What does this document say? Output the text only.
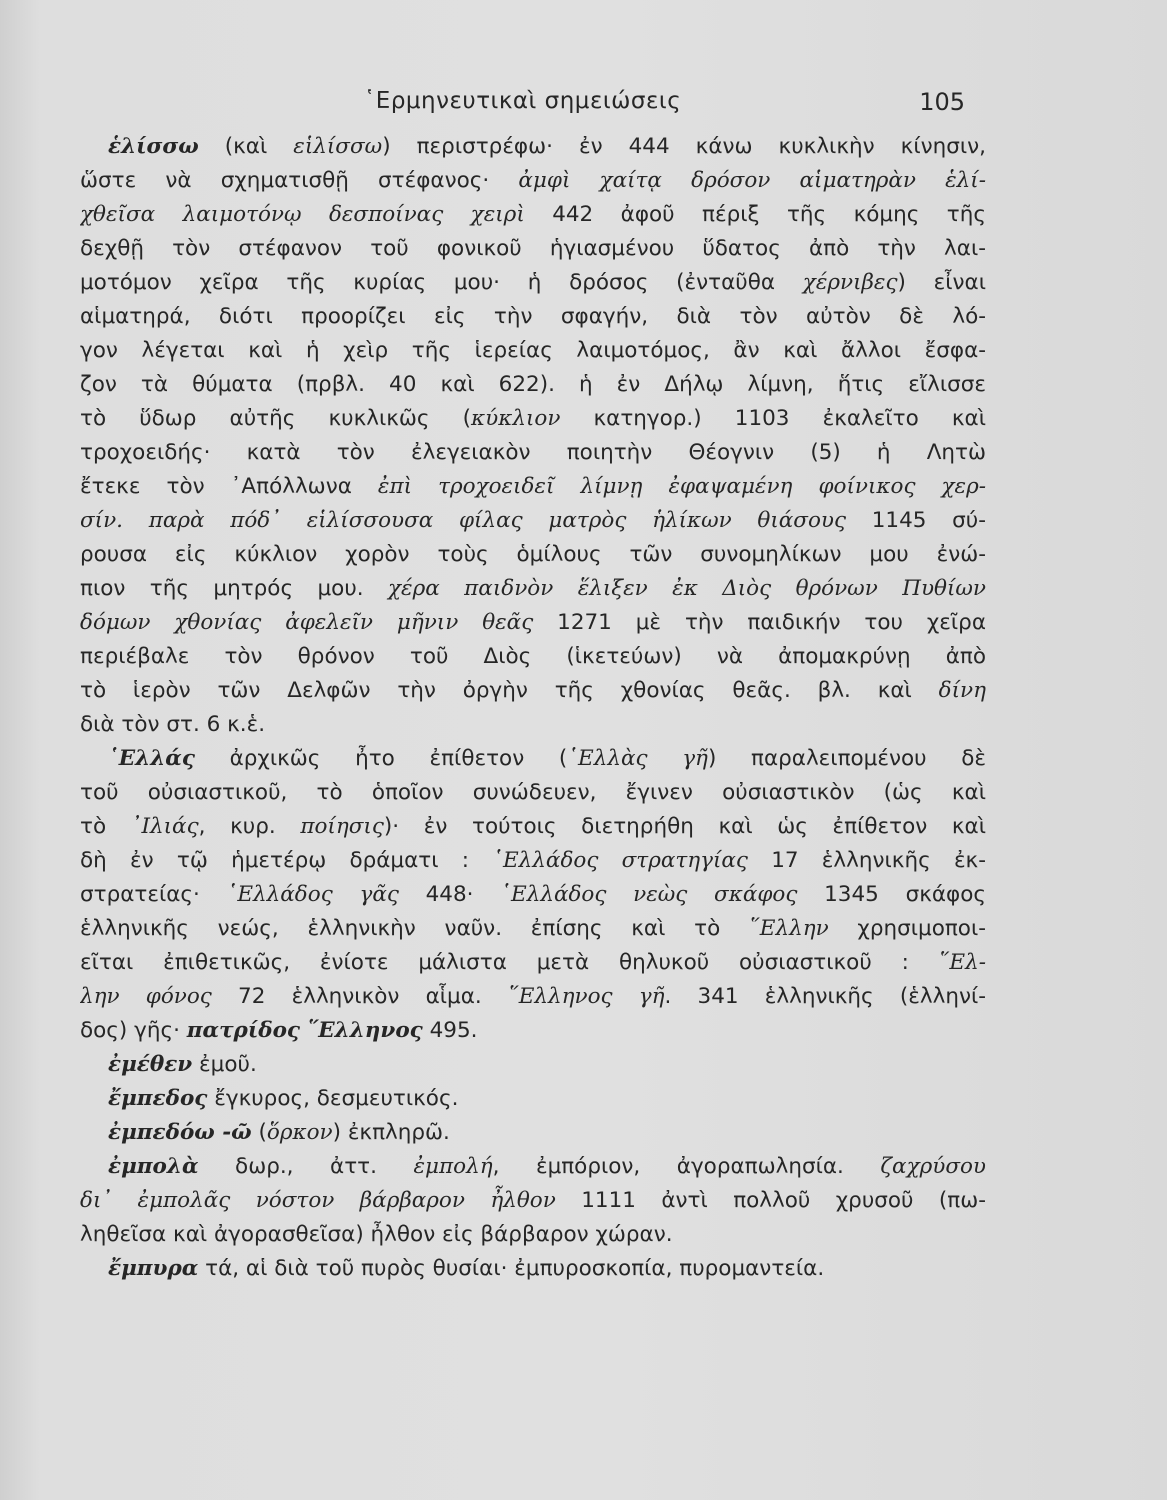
῾Ερμηνευτικαὶ σημειώσεις	105
ἑλίσσω (καὶ εἱλίσσω) περιστρέφω· ἐν 444 κάνω κυκλικὴν κίνησιν,
ὥστε νὰ σχηματισθῇ στέφανος· ἀμφὶ χαίτᾳ δρόσον αἱματηρὰν ἑλί-
χθεῖσα λαιμοτόνῳ δεσποίνας χειρὶ 442 ἀφοῦ πέριξ τῆς κόμης τῆς
δεχθῇ τὸν στέφανον τοῦ φονικοῦ ἡγιασμένου ὕδατος ἀπὸ τὴν λαι-
μοτόμον χεῖρα τῆς κυρίας μου· ἡ δρόσος (ἐνταῦθα χέρνιβες) εἶναι
αἱματηρά, διότι προορίζει εἰς τὴν σφαγήν, διὰ τὸν αὐτὸν δὲ λό-
γον λέγεται καὶ ἡ χεὶρ τῆς ἱερείας λαιμοτόμος, ἂν καὶ ἄλλοι ἔσφα-
ζον τὰ θύματα (πρβλ. 40 καὶ 622). ἡ ἐν Δήλῳ λίμνη, ἥτις εἴλισσε
τὸ ὕδωρ αὐτῆς κυκλικῶς (κύκλιον κατηγορ.) 1103 ἐκαλεῖτο καὶ
τροχοειδής· κατὰ τὸν ἐλεγειακὸν ποιητὴν Θέογνιν (5) ἡ Λητὼ
ἔτεκε τὸν ᾿Απόλλωνα ἐπὶ τροχοειδεῖ λίμνῃ ἐφαψαμένη φοίνικος χερ-
σίν. παρὰ πόδ᾿ εἱλίσσουσα φίλας ματρὸς ἡλίκων θιάσους 1145 σύ-
ρουσα εἰς κύκλιον χορὸν τοὺς ὁμίλους τῶν συνομηλίκων μου ἐνώ-
πιον τῆς μητρός μου. χέρα παιδνὸν ἕλιξεν ἐκ Διὸς θρόνων Πυθίων
δόμων χθονίας ἀφελεῖν μῆνιν θεᾶς 1271 μὲ τὴν παιδικήν του χεῖρα
περιέβαλε τὸν θρόνον τοῦ Διὸς (ἱκετεύων) νὰ ἀπομακρύνῃ ἀπὸ
τὸ ἱερὸν τῶν Δελφῶν τὴν ὀργὴν τῆς χθονίας θεᾶς. βλ. καὶ δίνη
διὰ τὸν στ. 6 κ.ἑ.
῾Ελλάς ἀρχικῶς ἦτο ἐπίθετον (῾Ελλὰς γῆ) παραλειπομένου δὲ
τοῦ οὐσιαστικοῦ, τὸ ὁποῖον συνώδευεν, ἔγινεν οὐσιαστικὸν (ὡς καὶ
τὸ ᾿Ιλιάς, κυρ. ποίησις)· ἐν τούτοις διετηρήθη καὶ ὡς ἐπίθετον καὶ
δὴ ἐν τῷ ἡμετέρῳ δράματι : ῾Ελλάδος στρατηγίας 17 ἑλληνικῆς ἐκ-
στρατείας· ῾Ελλάδος γᾶς 448· ῾Ελλάδος νεὼς σκάφος 1345 σκάφος
ἑλληνικῆς νεώς, ἑλληνικὴν ναῦν. ἐπίσης καὶ τὸ ῞Ελλην χρησιμοποι-
εῖται ἐπιθετικῶς, ἐνίοτε μάλιστα μετὰ θηλυκοῦ οὐσιαστικοῦ : ῞Ελ-
λην φόνος 72 ἑλληνικὸν αἷμα. ῞Ελληνος γῆ. 341 ἑλληνικῆς (ἑλληνί-
δος) γῆς· πατρίδος ῞Ελληνος 495.
ἐμέθεν ἐμοῦ.
ἔμπεδος ἔγκυρος, δεσμευτικός.
ἐμπεδόω -ῶ (ὅρκον) ἐκπληρῶ.
ἐμπολὰ δωρ., ἀττ. ἐμπολή, ἐμπόριον, ἀγοραπωλησία. ζαχρύσου
δι᾿ ἐμπολᾶς νόστον βάρβαρον ἦλθον 1111 ἀντὶ πολλοῦ χρυσοῦ (πω-
ληθεῖσα καὶ ἀγορασθεῖσα) ἦλθον εἰς βάρβαρον χώραν.
ἔμπυρα τά, αἱ διὰ τοῦ πυρὸς θυσίαι· ἐμπυροσκοπία, πυρομαντεία.
